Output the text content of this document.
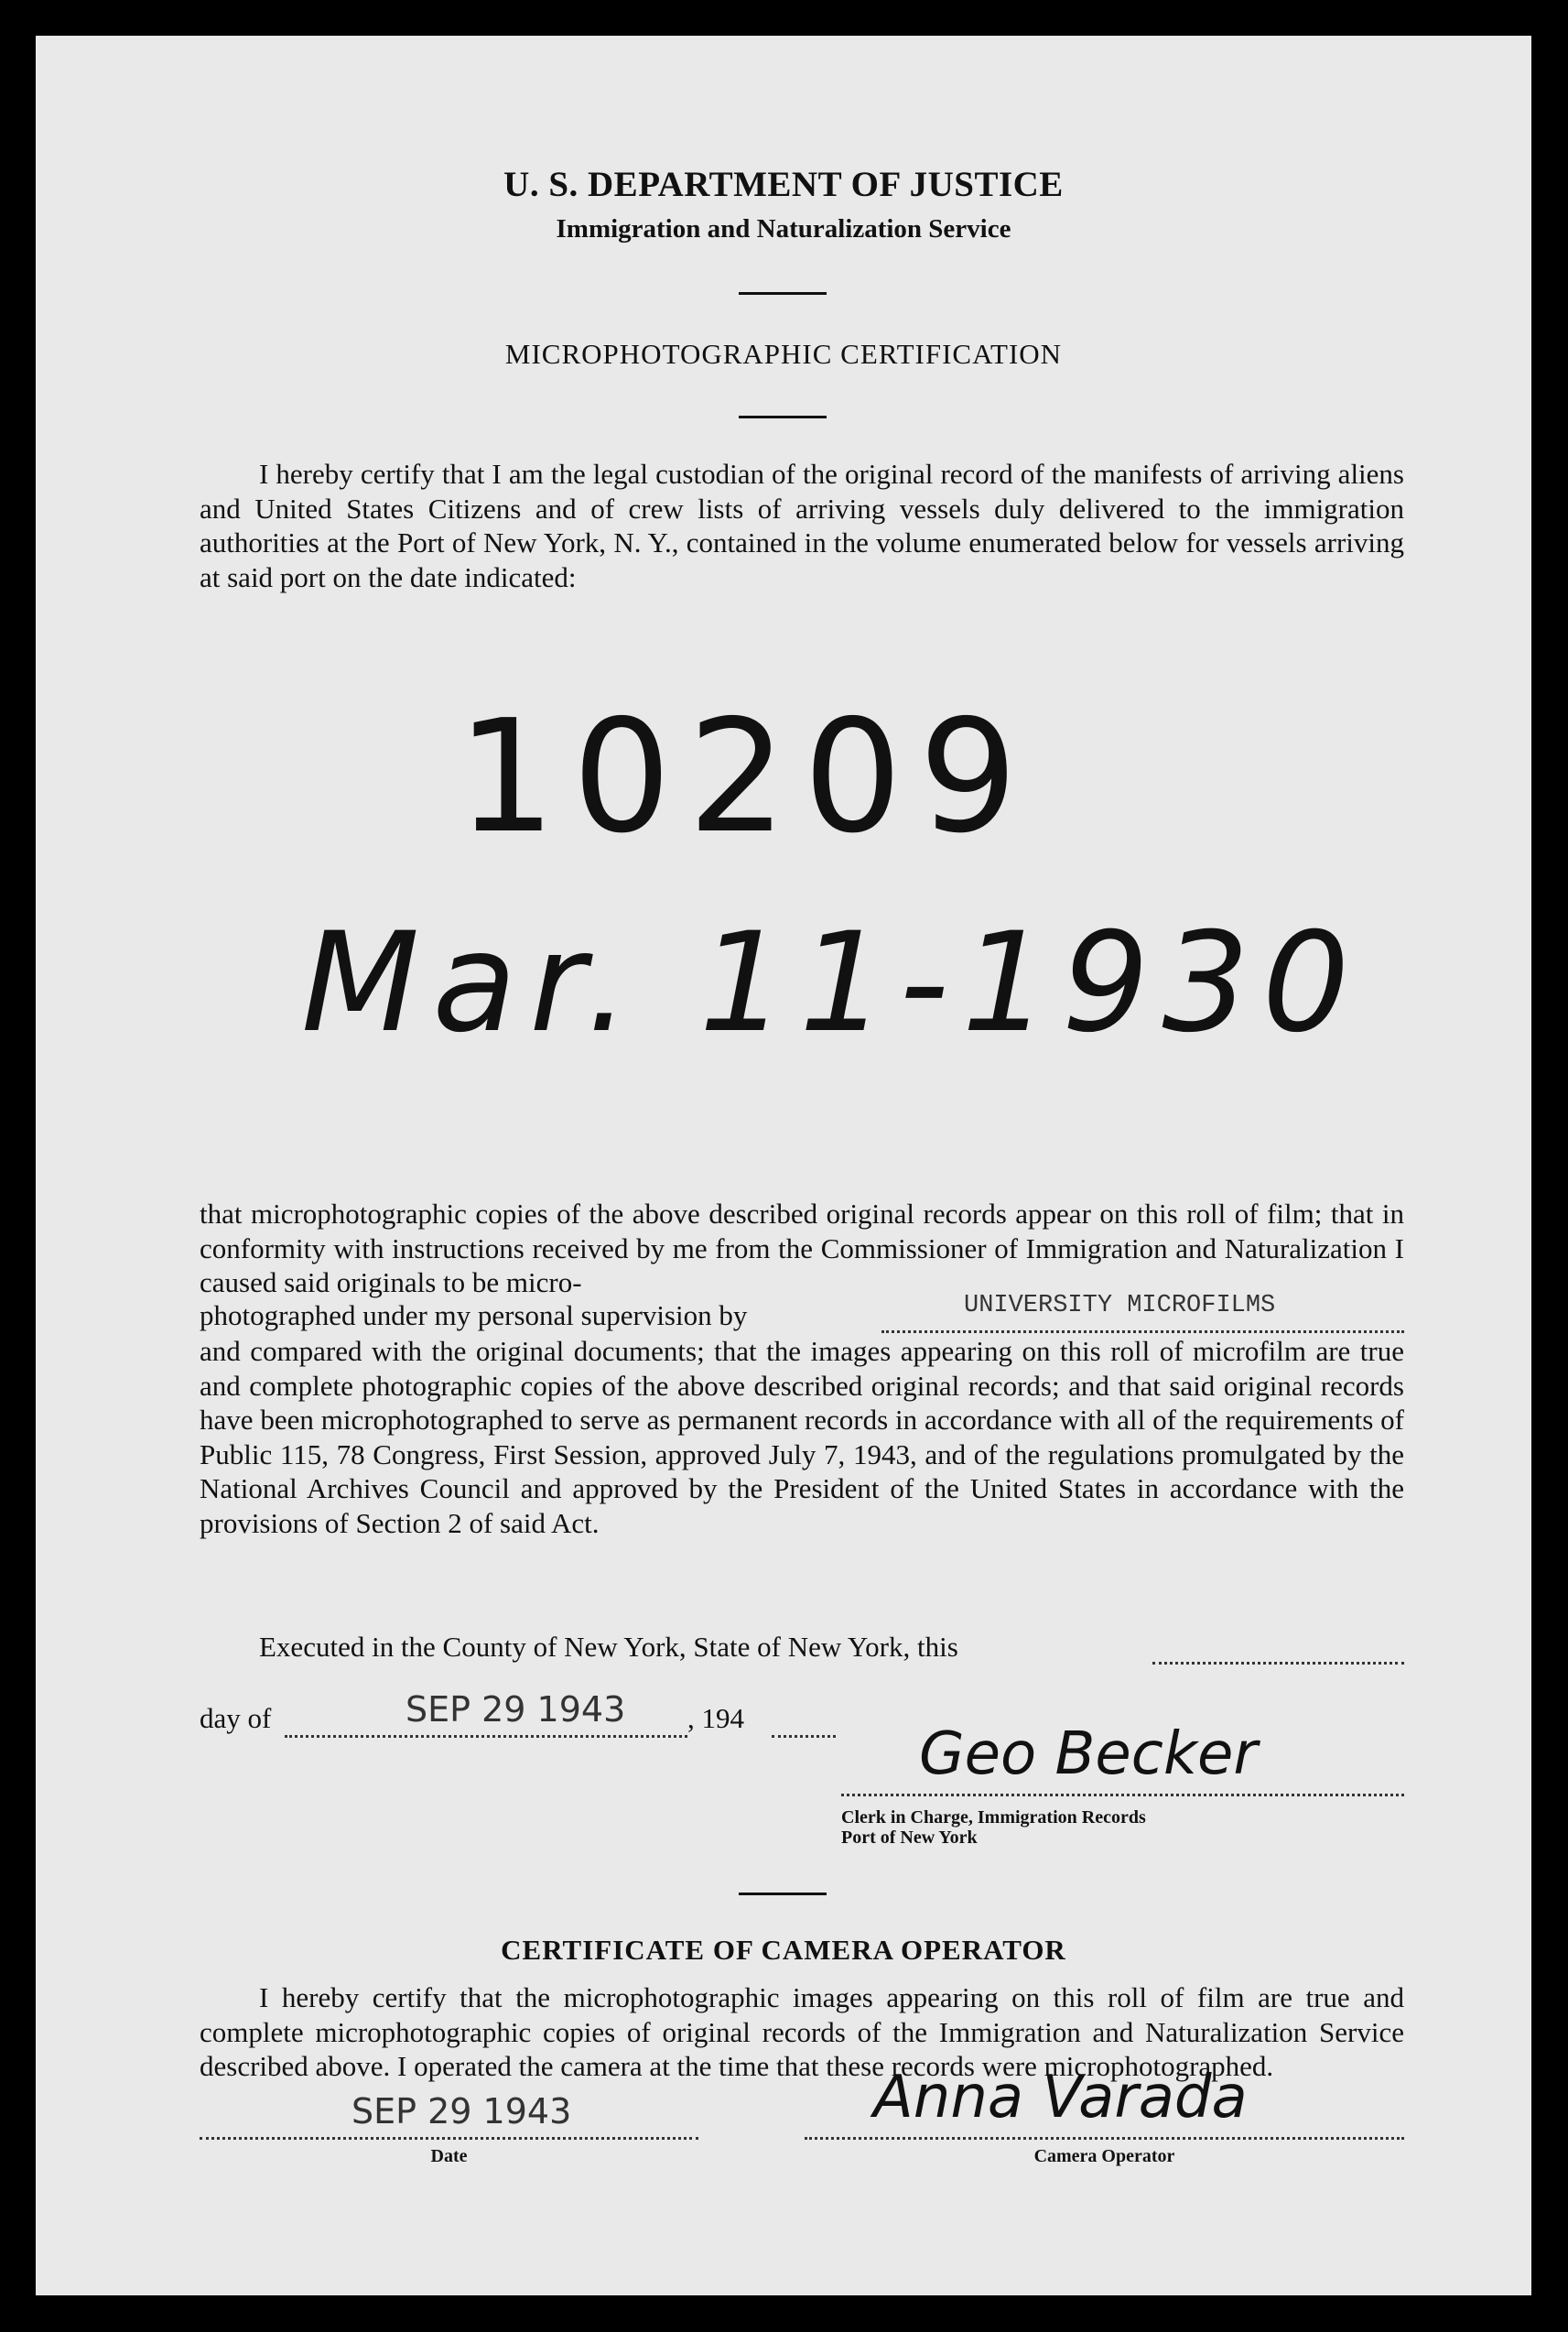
U. S. DEPARTMENT OF JUSTICE
Immigration and Naturalization Service
MICROPHOTOGRAPHIC CERTIFICATION
I hereby certify that I am the legal custodian of the original record of the manifests of arriving aliens and United States Citizens and of crew lists of arriving vessels duly delivered to the immigration authorities at the Port of New York, N. Y., contained in the volume enumerated below for vessels arriving at said port on the date indicated:
10209
Mar. 11-1930
that microphotographic copies of the above described original records appear on this roll of film; that in conformity with instructions received by me from the Commissioner of Immigration and Naturalization I caused said originals to be micro-
photographed under my personal supervision by	UNIVERSITY MICROFILMS
and compared with the original documents; that the images appearing on this roll of microfilm are true and complete photographic copies of the above described original records; and that said original records have been microphotographed to serve as permanent records in accordance with all of the requirements of Public 115, 78 Congress, First Session, approved July 7, 1943, and of the regulations promulgated by the National Archives Council and approved by the President of the United States in accordance with the provisions of Section 2 of said Act.
Executed in the County of New York, State of New York, this
day of	SEP 29 1943 , 194
Geo Becker
Clerk in Charge, Immigration Records
Port of New York
CERTIFICATE OF CAMERA OPERATOR
I hereby certify that the microphotographic images appearing on this roll of film are true and complete microphotographic copies of original records of the Immigration and Naturalization Service described above. I operated the camera at the time that these records were microphotographed.
SEP 29 1943
Date
Anna Varada
Camera Operator
